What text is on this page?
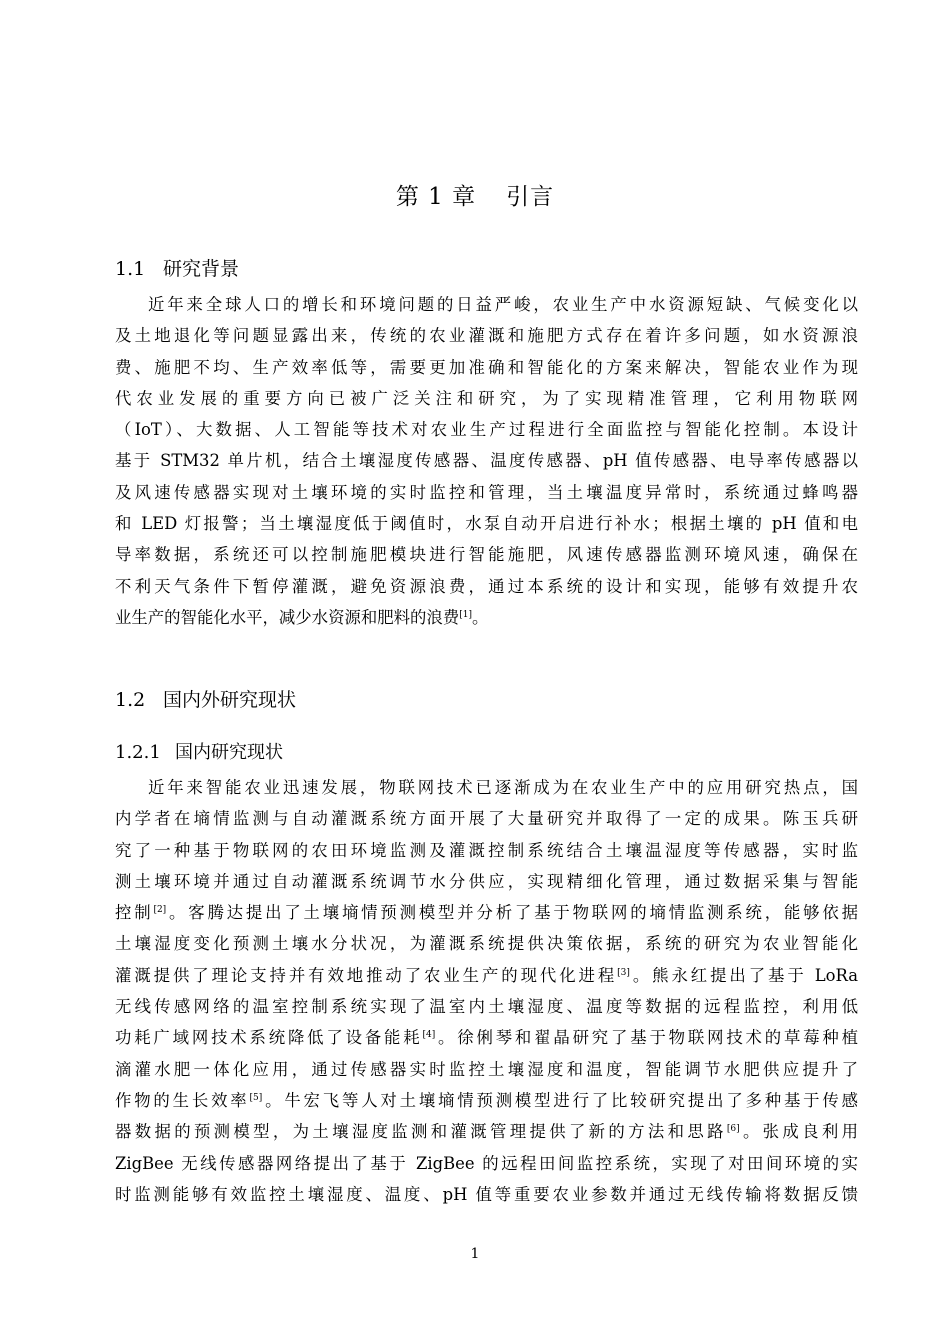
第 1 章 引言
1.1 研究背景
近年来全球人口的增长和环境问题的日益严峻，农业生产中水资源短缺、气候变化以
及土地退化等问题显露出来，传统的农业灌溉和施肥方式存在着许多问题，如水资源浪
费、施肥不均、生产效率低等，需要更加准确和智能化的方案来解决，智能农业作为现
代农业发展的重要方向已被广泛关注和研究，为了实现精准管理，它利用物联网
（IoT）、大数据、人工智能等技术对农业生产过程进行全面监控与智能化控制。本设计
基于 STM32 单片机，结合土壤湿度传感器、温度传感器、pH 值传感器、电导率传感器以
及风速传感器实现对土壤环境的实时监控和管理，当土壤温度异常时，系统通过蜂鸣器
和 LED 灯报警；当土壤湿度低于阈值时，水泵自动开启进行补水；根据土壤的 pH 值和电
导率数据，系统还可以控制施肥模块进行智能施肥，风速传感器监测环境风速，确保在
不利天气条件下暂停灌溉，避免资源浪费，通过本系统的设计和实现，能够有效提升农
业生产的智能化水平，减少水资源和肥料的浪费[1]。
1.2 国内外研究现状
1.2.1 国内研究现状
近年来智能农业迅速发展，物联网技术已逐渐成为在农业生产中的应用研究热点，国
内学者在墒情监测与自动灌溉系统方面开展了大量研究并取得了一定的成果。陈玉兵研
究了一种基于物联网的农田环境监测及灌溉控制系统结合土壤温湿度等传感器，实时监
测土壤环境并通过自动灌溉系统调节水分供应，实现精细化管理，通过数据采集与智能
控制[2]。客腾达提出了土壤墒情预测模型并分析了基于物联网的墒情监测系统，能够依据
土壤湿度变化预测土壤水分状况，为灌溉系统提供决策依据，系统的研究为农业智能化
灌溉提供了理论支持并有效地推动了农业生产的现代化进程[3]。熊永红提出了基于 LoRa
无线传感网络的温室控制系统实现了温室内土壤湿度、温度等数据的远程监控，利用低
功耗广域网技术系统降低了设备能耗[4]。徐俐琴和翟晶研究了基于物联网技术的草莓种植
滴灌水肥一体化应用，通过传感器实时监控土壤湿度和温度，智能调节水肥供应提升了
作物的生长效率[5]。牛宏飞等人对土壤墒情预测模型进行了比较研究提出了多种基于传感
器数据的预测模型，为土壤湿度监测和灌溉管理提供了新的方法和思路[6]。张成良利用
ZigBee 无线传感器网络提出了基于 ZigBee 的远程田间监控系统，实现了对田间环境的实
时监测能够有效监控土壤湿度、温度、pH 值等重要农业参数并通过无线传输将数据反馈
1
